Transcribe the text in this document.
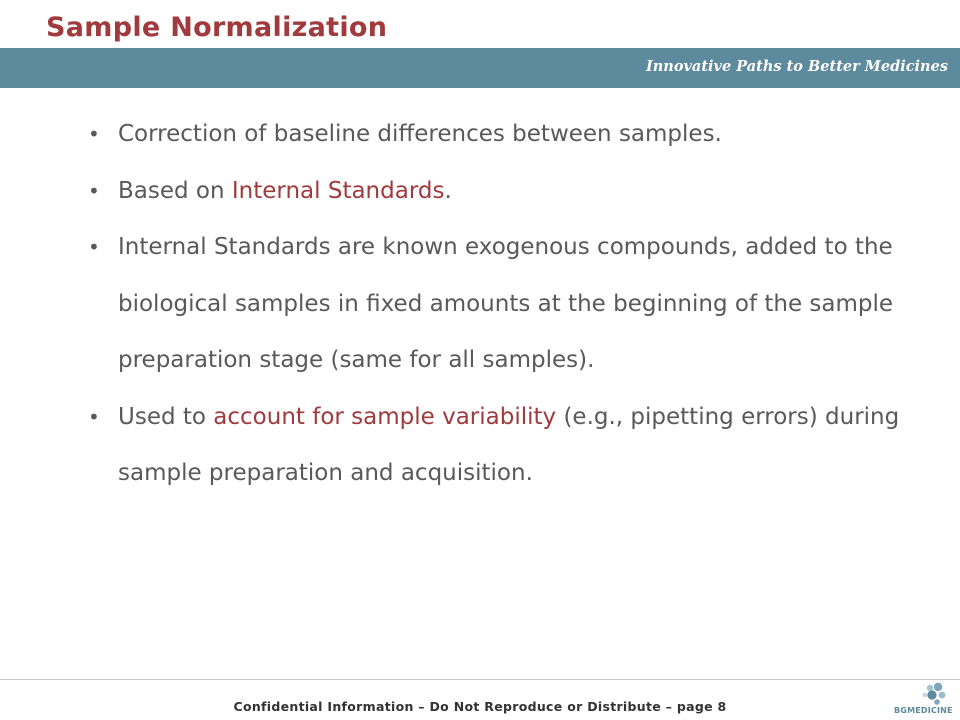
Sample Normalization
Innovative Paths to Better Medicines
• Correction of baseline differences between samples.
• Based on Internal Standards.
• Internal Standards are known exogenous compounds, added to the biological samples in fixed amounts at the beginning of the sample preparation stage (same for all samples).
• Used to account for sample variability (e.g., pipetting errors) during sample preparation and acquisition.
Confidential Information – Do Not Reproduce or Distribute – page 8	BGMEDICINE
